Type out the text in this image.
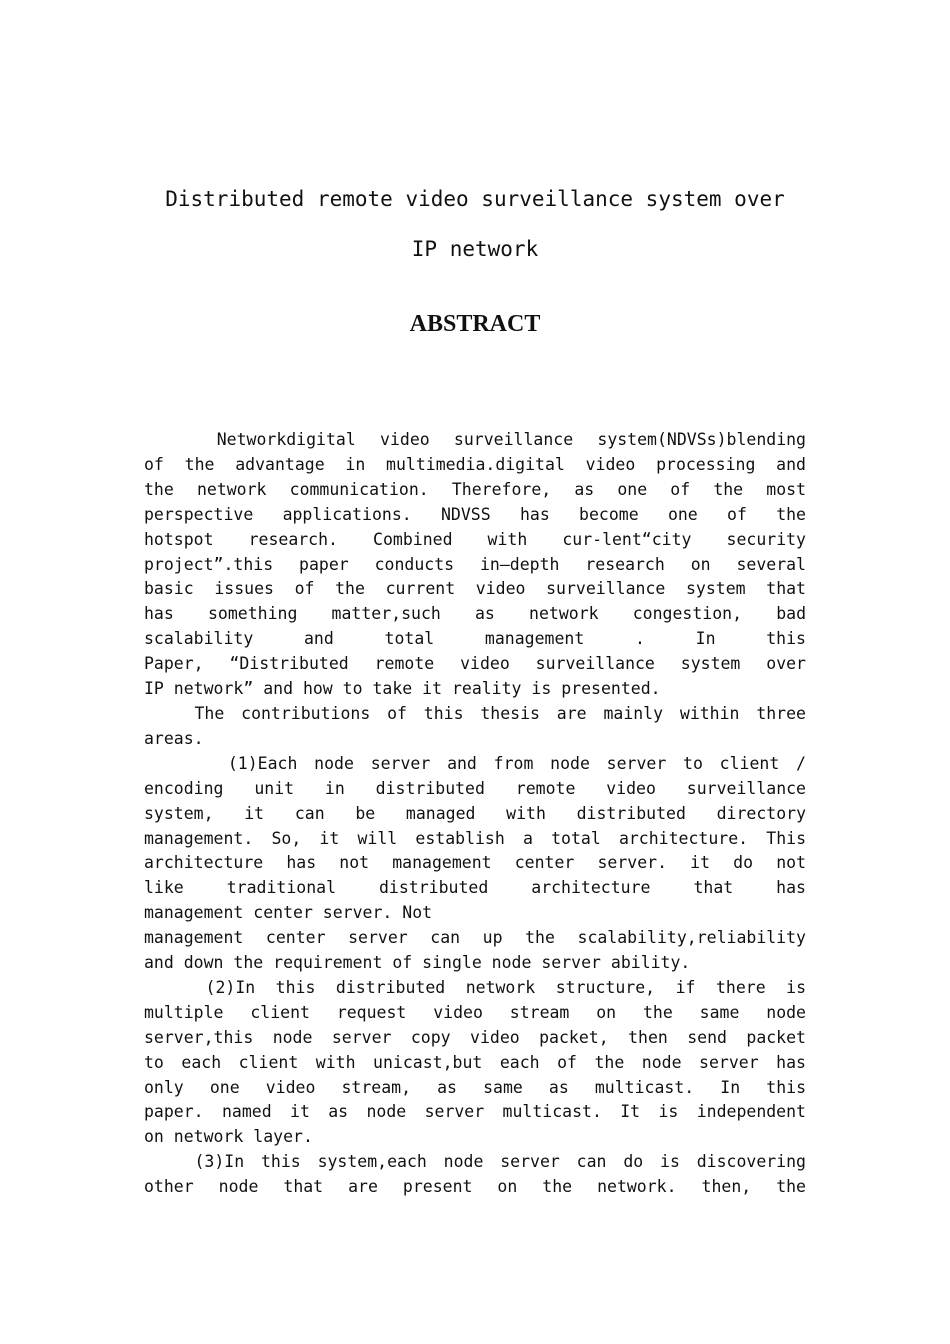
Distributed remote video surveillance system over
IP network
ABSTRACT
Networkdigital video surveillance system(NDVSs)blending
of the advantage in multimedia.digital video processing and
the network communication. Therefore, as one of the most
perspective applications. NDVSS has become one of the
hotspot research. Combined with cur-lent“city security
project”.this paper conducts in—depth research on several
basic issues of the current video surveillance system that
has something matter,such as network congestion, bad
scalability and total management . In this
Paper, “Distributed remote video surveillance system over
IP network” and how to take it reality is presented.
The contributions of this thesis are mainly within three
areas.
(1)Each node server and from node server to client /
encoding unit in distributed remote video surveillance
system, it can be managed with distributed directory
management. So, it will establish a total architecture. This
architecture has not management center server. it do not
like traditional distributed architecture that has
management center server. Not
management center server can up the scalability,reliability
and down the requirement of single node server ability.
(2)In this distributed network structure, if there is
multiple client request video stream on the same node
server,this node server copy video packet, then send packet
to each client with unicast,but each of the node server has
only one video stream, as same as multicast. In this
paper. named it as node server multicast. It is independent
on network layer.
(3)In this system,each node server can do is discovering
other node that are present on the network. then, the
